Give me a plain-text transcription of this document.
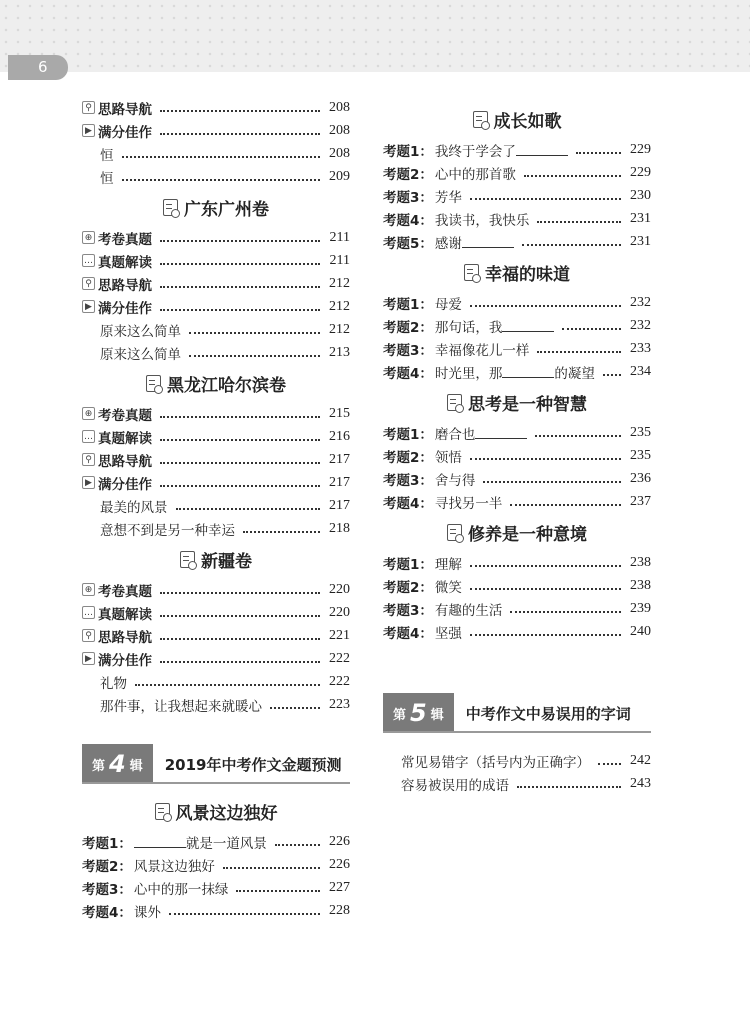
6
⚲ 思路导航	208
▶ 满分佳作	208
恒	208
恒	209
广东广州卷
⊕ 考卷真题	211
… 真题解读	211
⚲ 思路导航	212
▶ 满分佳作	212
原来这么简单	212
原来这么简单	213
黑龙江哈尔滨卷
⊕ 考卷真题	215
… 真题解读	216
⚲ 思路导航	217
▶ 满分佳作	217
最美的风景	217
意想不到是另一种幸运	218
新疆卷
⊕ 考卷真题	220
… 真题解读	220
⚲ 思路导航	221
▶ 满分佳作	222
礼物	222
那件事，让我想起来就暖心	223
第 4 辑	2019年中考作文金题预测
风景这边独好
考题1：	就是一道风景	226
考题2： 风景这边独好	226
考题3： 心中的那一抹绿	227
考题4： 课外	228
成长如歌
考题1： 我终于学会了	229
考题2： 心中的那首歌	229
考题3： 芳华	230
考题4： 我读书，我快乐	231
考题5： 感谢	231
幸福的味道
考题1： 母爱	232
考题2： 那句话，我	232
考题3： 幸福像花儿一样	233
考题4： 时光里，那	的凝望	234
思考是一种智慧
考题1： 磨合也	235
考题2： 领悟	235
考题3： 舍与得	236
考题4： 寻找另一半	237
修养是一种意境
考题1： 理解	238
考题2： 微笑	238
考题3： 有趣的生活	239
考题4： 坚强	240
第 5 辑	中考作文中易误用的字词
常见易错字（括号内为正确字）	242
容易被误用的成语	243
